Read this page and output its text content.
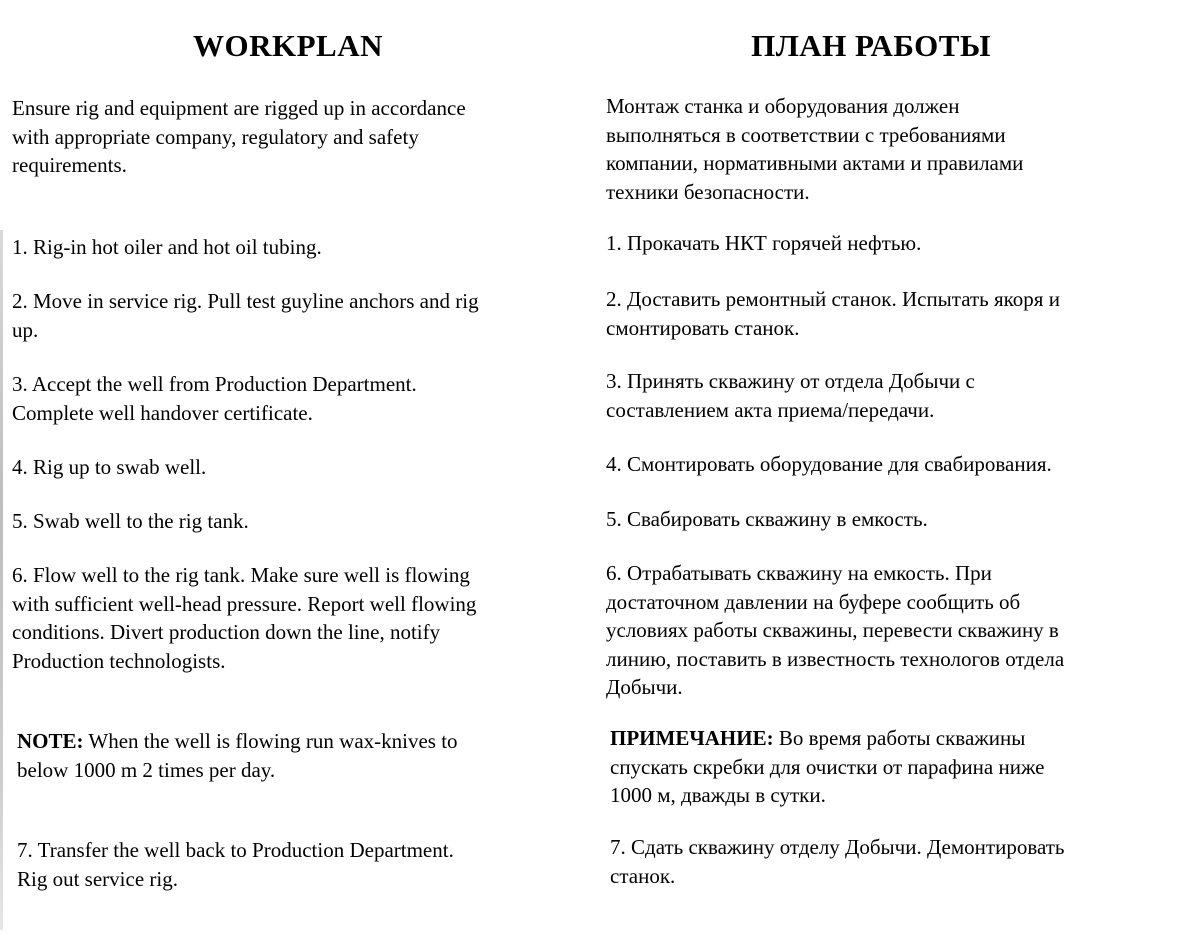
WORKPLAN

Ensure rig and equipment are rigged up in accordance
with appropriate company, regulatory and safety
requirements.

1. Rig-in hot oiler and hot oil tubing.

2. Move in service rig. Pull test guyline anchors and rig
up.

3. Accept the well from Production Department.
Complete well handover certificate.

4. Rig up to swab well.

5. Swab well to the rig tank.

6. Flow well to the rig tank. Make sure well is flowing
with sufficient well-head pressure. Report well flowing
conditions. Divert production down the line, notify
Production technologists.

NOTE: When the well is flowing run wax-knives to
below 1000 m 2 times per day.

7. Transfer the well back to Production Department.
Rig out service rig.

ПЛАН РАБОТЫ

Монтаж станка и оборудования должен
выполняться в соответствии с требованиями
компании, нормативными актами и правилами
техники безопасности.

1. Прокачать НКТ горячей нефтью.

2. Доставить ремонтный станок. Испытать якоря и
смонтировать станок.

3. Принять скважину от отдела Добычи с
составлением акта приема/передачи.

4. Смонтировать оборудование для свабирования.

5. Свабировать скважину в емкость.

6. Отрабатывать скважину на емкость. При
достаточном давлении на буфере сообщить об
условиях работы скважины, перевести скважину в
линию, поставить в известность технологов отдела
Добычи.

ПРИМЕЧАНИЕ: Во время работы скважины
спускать скребки для очистки от парафина ниже
1000 м, дважды в сутки.

7. Сдать скважину отделу Добычи. Демонтировать
станок.
